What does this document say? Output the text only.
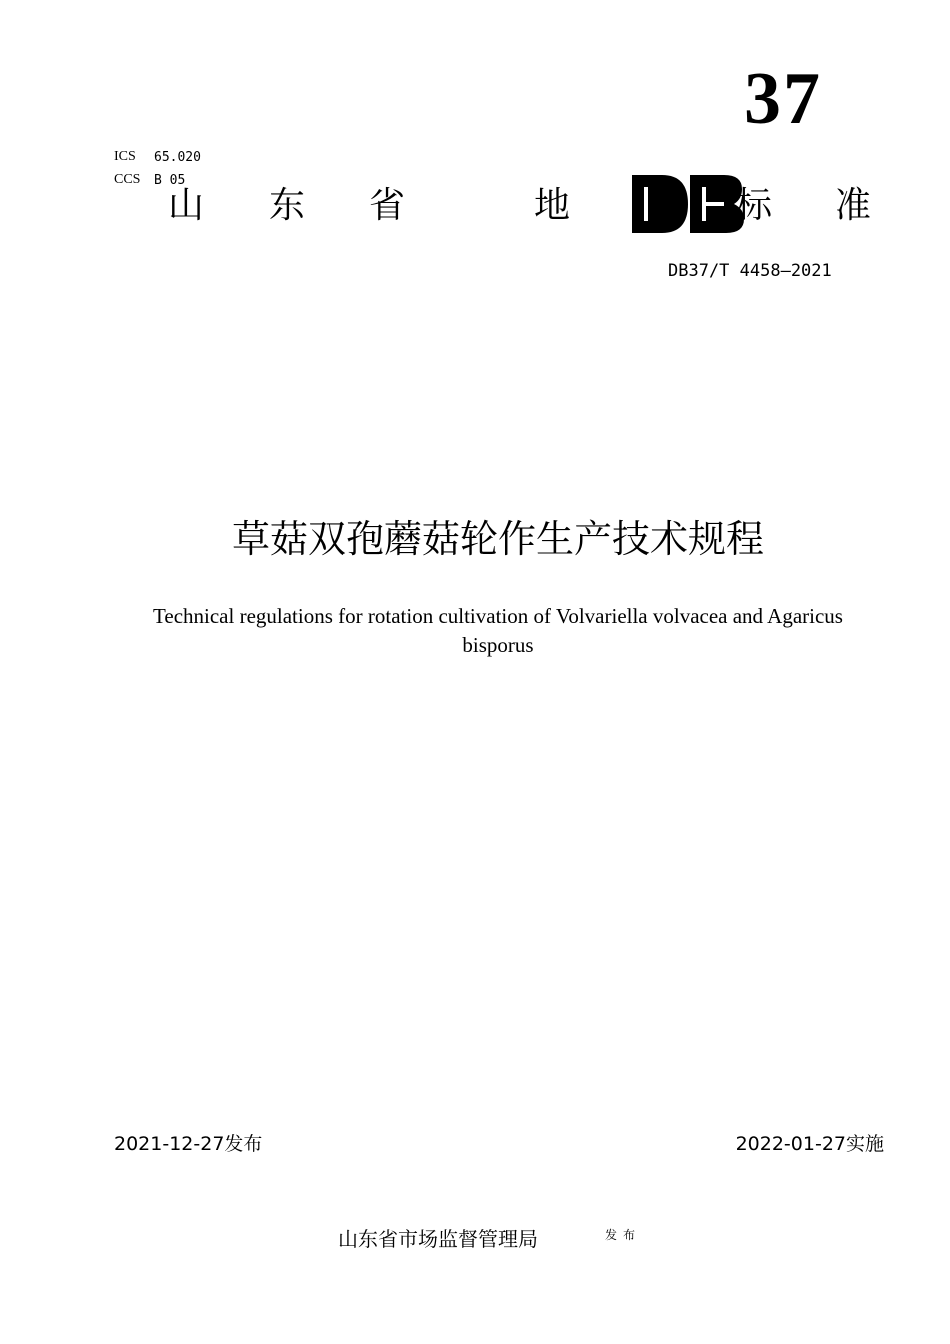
37
ICS 65.020
CCS B 05
山 东 省	地	标 准
DB37/T 4458—2021
草菇双孢蘑菇轮作生产技术规程
Technical regulations for rotation cultivation of Volvariella volvacea and Agaricus bisporus
2021-12-27发布	2022-01-27实施
山东省市场监督管理局	发布
